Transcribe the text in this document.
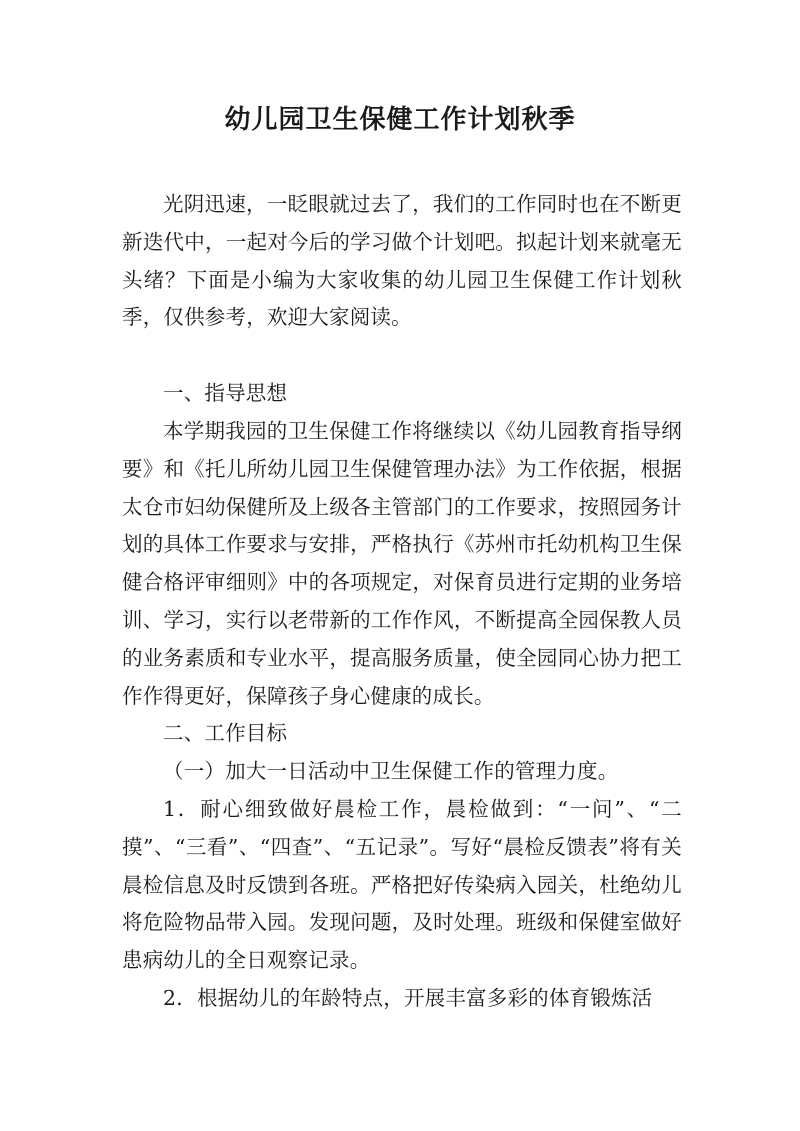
幼儿园卫生保健工作计划秋季

光阴迅速，一眨眼就过去了，我们的工作同时也在不断更新迭代中，一起对今后的学习做个计划吧。拟起计划来就毫无头绪？下面是小编为大家收集的幼儿园卫生保健工作计划秋季，仅供参考，欢迎大家阅读。

一、指导思想

本学期我园的卫生保健工作将继续以《幼儿园教育指导纲要》和《托儿所幼儿园卫生保健管理办法》为工作依据，根据太仓市妇幼保健所及上级各主管部门的工作要求，按照园务计划的具体工作要求与安排，严格执行《苏州市托幼机构卫生保健合格评审细则》中的各项规定，对保育员进行定期的业务培训、学习，实行以老带新的工作作风，不断提高全园保教人员的业务素质和专业水平，提高服务质量，使全园同心协力把工作作得更好，保障孩子身心健康的成长。

二、工作目标

（一）加大一日活动中卫生保健工作的管理力度。

1．耐心细致做好晨检工作，晨检做到：“一问”、“二摸”、“三看”、“四查”、“五记录”。写好“晨检反馈表”将有关晨检信息及时反馈到各班。严格把好传染病入园关，杜绝幼儿将危险物品带入园。发现问题，及时处理。班级和保健室做好患病幼儿的全日观察记录。

2．根据幼儿的年龄特点，开展丰富多彩的体育锻炼活
